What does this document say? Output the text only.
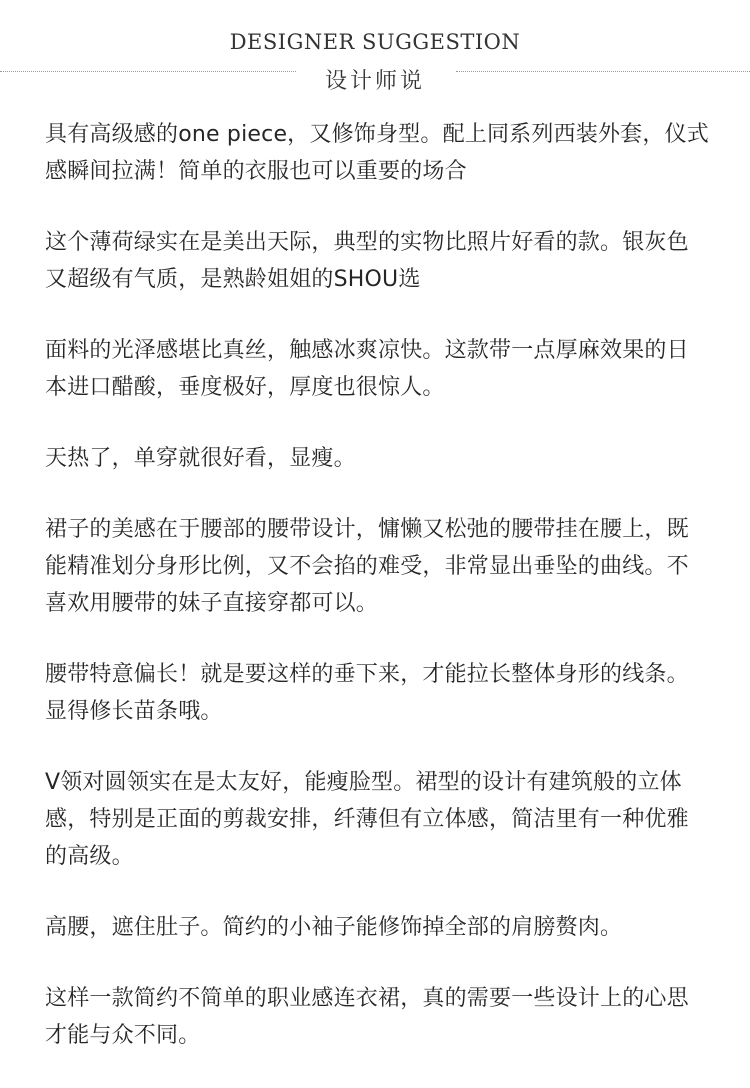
DESIGNER SUGGESTION
设计师说

具有高级感的one piece，又修饰身型。配上同系列西装外套，仪式感瞬间拉满！简单的衣服也可以重要的场合

这个薄荷绿实在是美出天际，典型的实物比照片好看的款。银灰色又超级有气质，是熟龄姐姐的SHOU选

面料的光泽感堪比真丝，触感冰爽凉快。这款带一点厚麻效果的日本进口醋酸，垂度极好，厚度也很惊人。

天热了，单穿就很好看，显瘦。

裙子的美感在于腰部的腰带设计，慵懒又松弛的腰带挂在腰上，既能精准划分身形比例，又不会掐的难受，非常显出垂坠的曲线。不喜欢用腰带的妹子直接穿都可以。

腰带特意偏长！就是要这样的垂下来，才能拉长整体身形的线条。显得修长苗条哦。

V领对圆领实在是太友好，能瘦脸型。裙型的设计有建筑般的立体感，特别是正面的剪裁安排，纤薄但有立体感，简洁里有一种优雅的高级。

高腰，遮住肚子。简约的小袖子能修饰掉全部的肩膀赘肉。

这样一款简约不简单的职业感连衣裙，真的需要一些设计上的心思才能与众不同。
